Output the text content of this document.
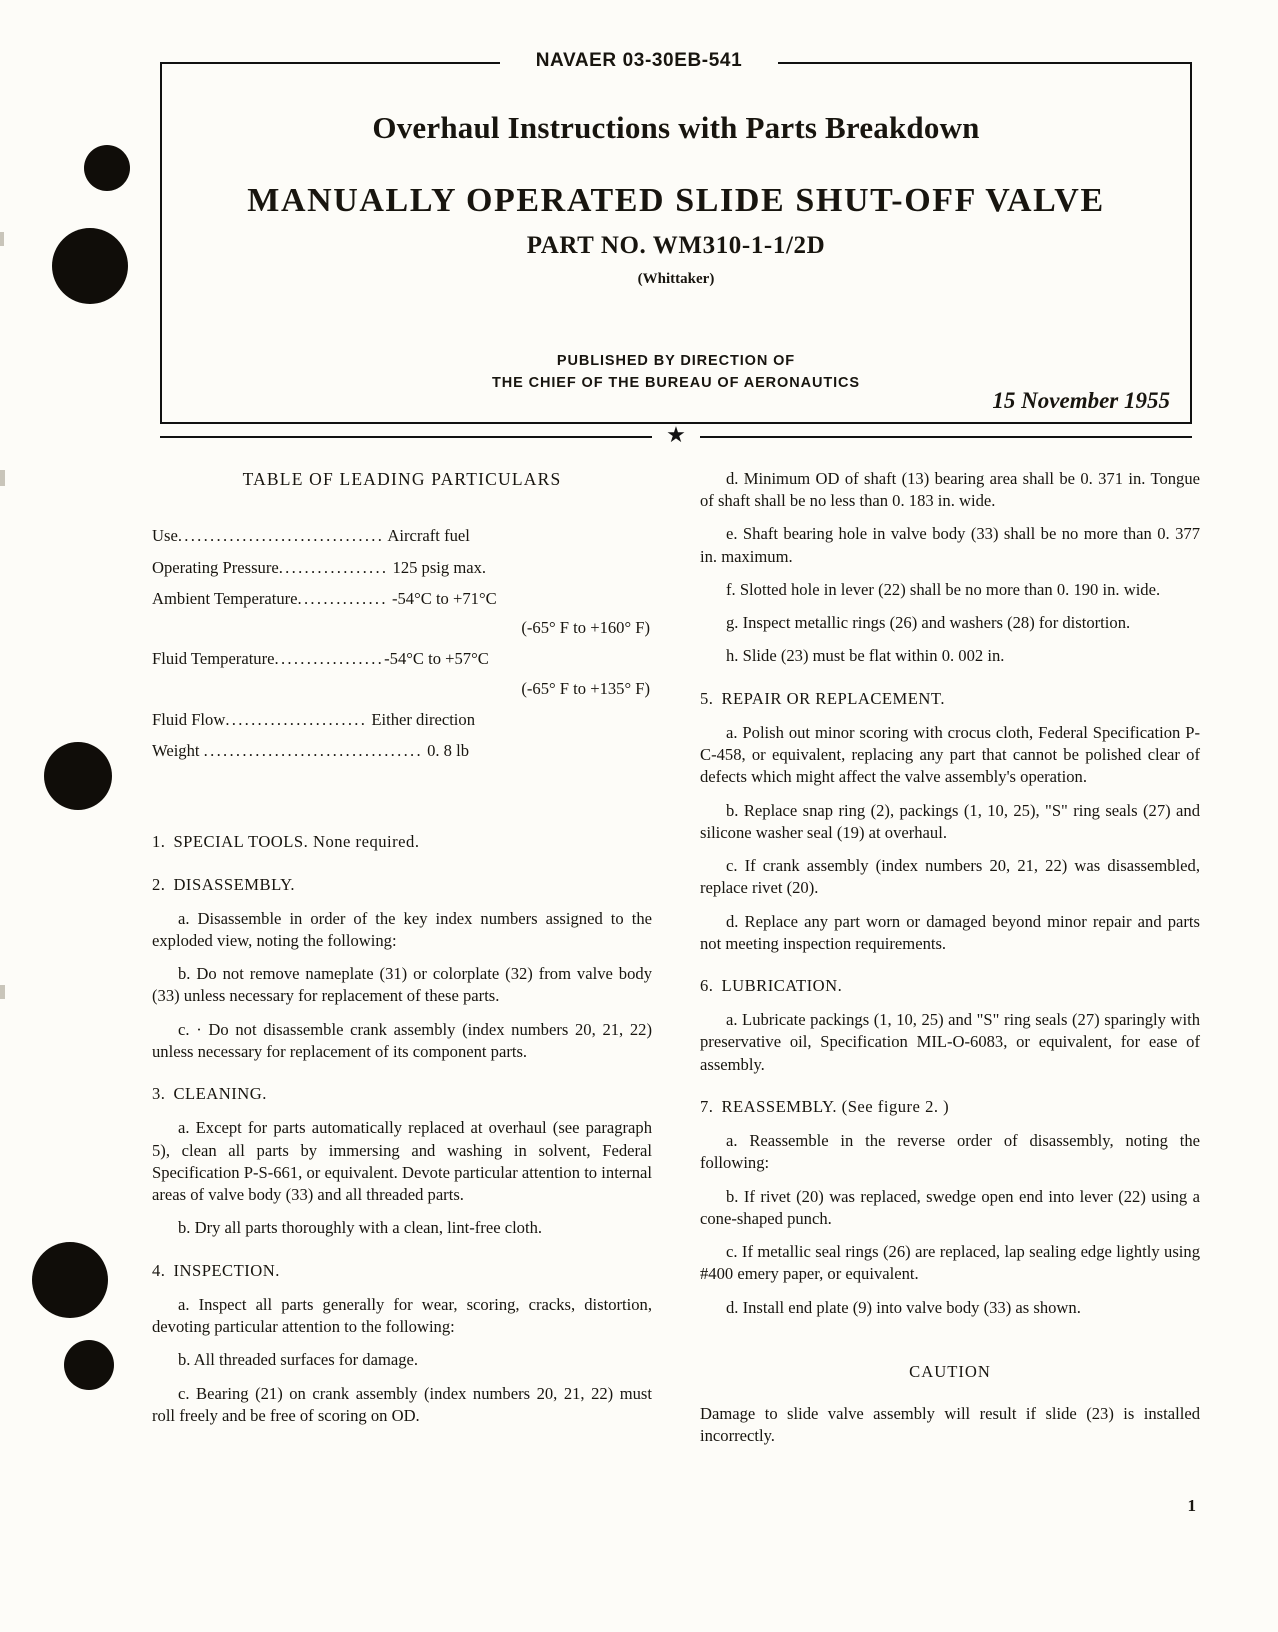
Overhaul Instructions with Parts Breakdown
MANUALLY OPERATED SLIDE SHUT-OFF VALVE
PART NO. WM310-1-1/2D
(Whittaker)
PUBLISHED BY DIRECTION OF
THE CHIEF OF THE BUREAU OF AERONAUTICS
15 November 1955
NAVAER 03-30EB-541
★
TABLE OF LEADING PARTICULARS
Use................................ Aircraft fuel
Operating Pressure................. 125 psig max.
Ambient Temperature.............. -54°C to +71°C
(-65° F to +160° F)
Fluid Temperature.................-54°C to +57°C
(-65° F to +135° F)
Fluid Flow...................... Either direction
Weight .................................. 0. 8 lb
1. SPECIAL TOOLS. None required.
2. DISASSEMBLY.

a. Disassemble in order of the key index numbers assigned to the exploded view, noting the following:

b. Do not remove nameplate (31) or colorplate (32) from valve body (33) unless necessary for replacement of these parts.

c. · Do not disassemble crank assembly (index numbers 20, 21, 22) unless necessary for replacement of its component parts.

3. CLEANING.

a. Except for parts automatically replaced at overhaul (see paragraph 5), clean all parts by immersing and washing in solvent, Federal Specification P-S-661, or equivalent. Devote particular attention to internal areas of valve body (33) and all threaded parts.

b. Dry all parts thoroughly with a clean, lint-free cloth.

4. INSPECTION.

a. Inspect all parts generally for wear, scoring, cracks, distortion, devoting particular attention to the following:

b. All threaded surfaces for damage.

c. Bearing (21) on crank assembly (index numbers 20, 21, 22) must roll freely and be free of scoring on OD.

d. Minimum OD of shaft (13) bearing area shall be 0. 371 in. Tongue of shaft shall be no less than 0. 183 in. wide.

e. Shaft bearing hole in valve body (33) shall be no more than 0. 377 in. maximum.

f. Slotted hole in lever (22) shall be no more than 0. 190 in. wide.

g. Inspect metallic rings (26) and washers (28) for distortion.

h. Slide (23) must be flat within 0. 002 in.

5. REPAIR OR REPLACEMENT.

a. Polish out minor scoring with crocus cloth, Federal Specification P-C-458, or equivalent, replacing any part that cannot be polished clear of defects which might affect the valve assembly's operation.

b. Replace snap ring (2), packings (1, 10, 25), "S" ring seals (27) and silicone washer seal (19) at overhaul.

c. If crank assembly (index numbers 20, 21, 22) was disassembled, replace rivet (20).

d. Replace any part worn or damaged beyond minor repair and parts not meeting inspection requirements.

6. LUBRICATION.

a. Lubricate packings (1, 10, 25) and "S" ring seals (27) sparingly with preservative oil, Specification MIL-O-6083, or equivalent, for ease of assembly.

7. REASSEMBLY. (See figure 2. )

a. Reassemble in the reverse order of disassembly, noting the following:

b. If rivet (20) was replaced, swedge open end into lever (22) using a cone-shaped punch.

c. If metallic seal rings (26) are replaced, lap sealing edge lightly using #400 emery paper, or equivalent.

d. Install end plate (9) into valve body (33) as shown.

CAUTION

Damage to slide valve assembly will result if slide (23) is installed incorrectly.

1
